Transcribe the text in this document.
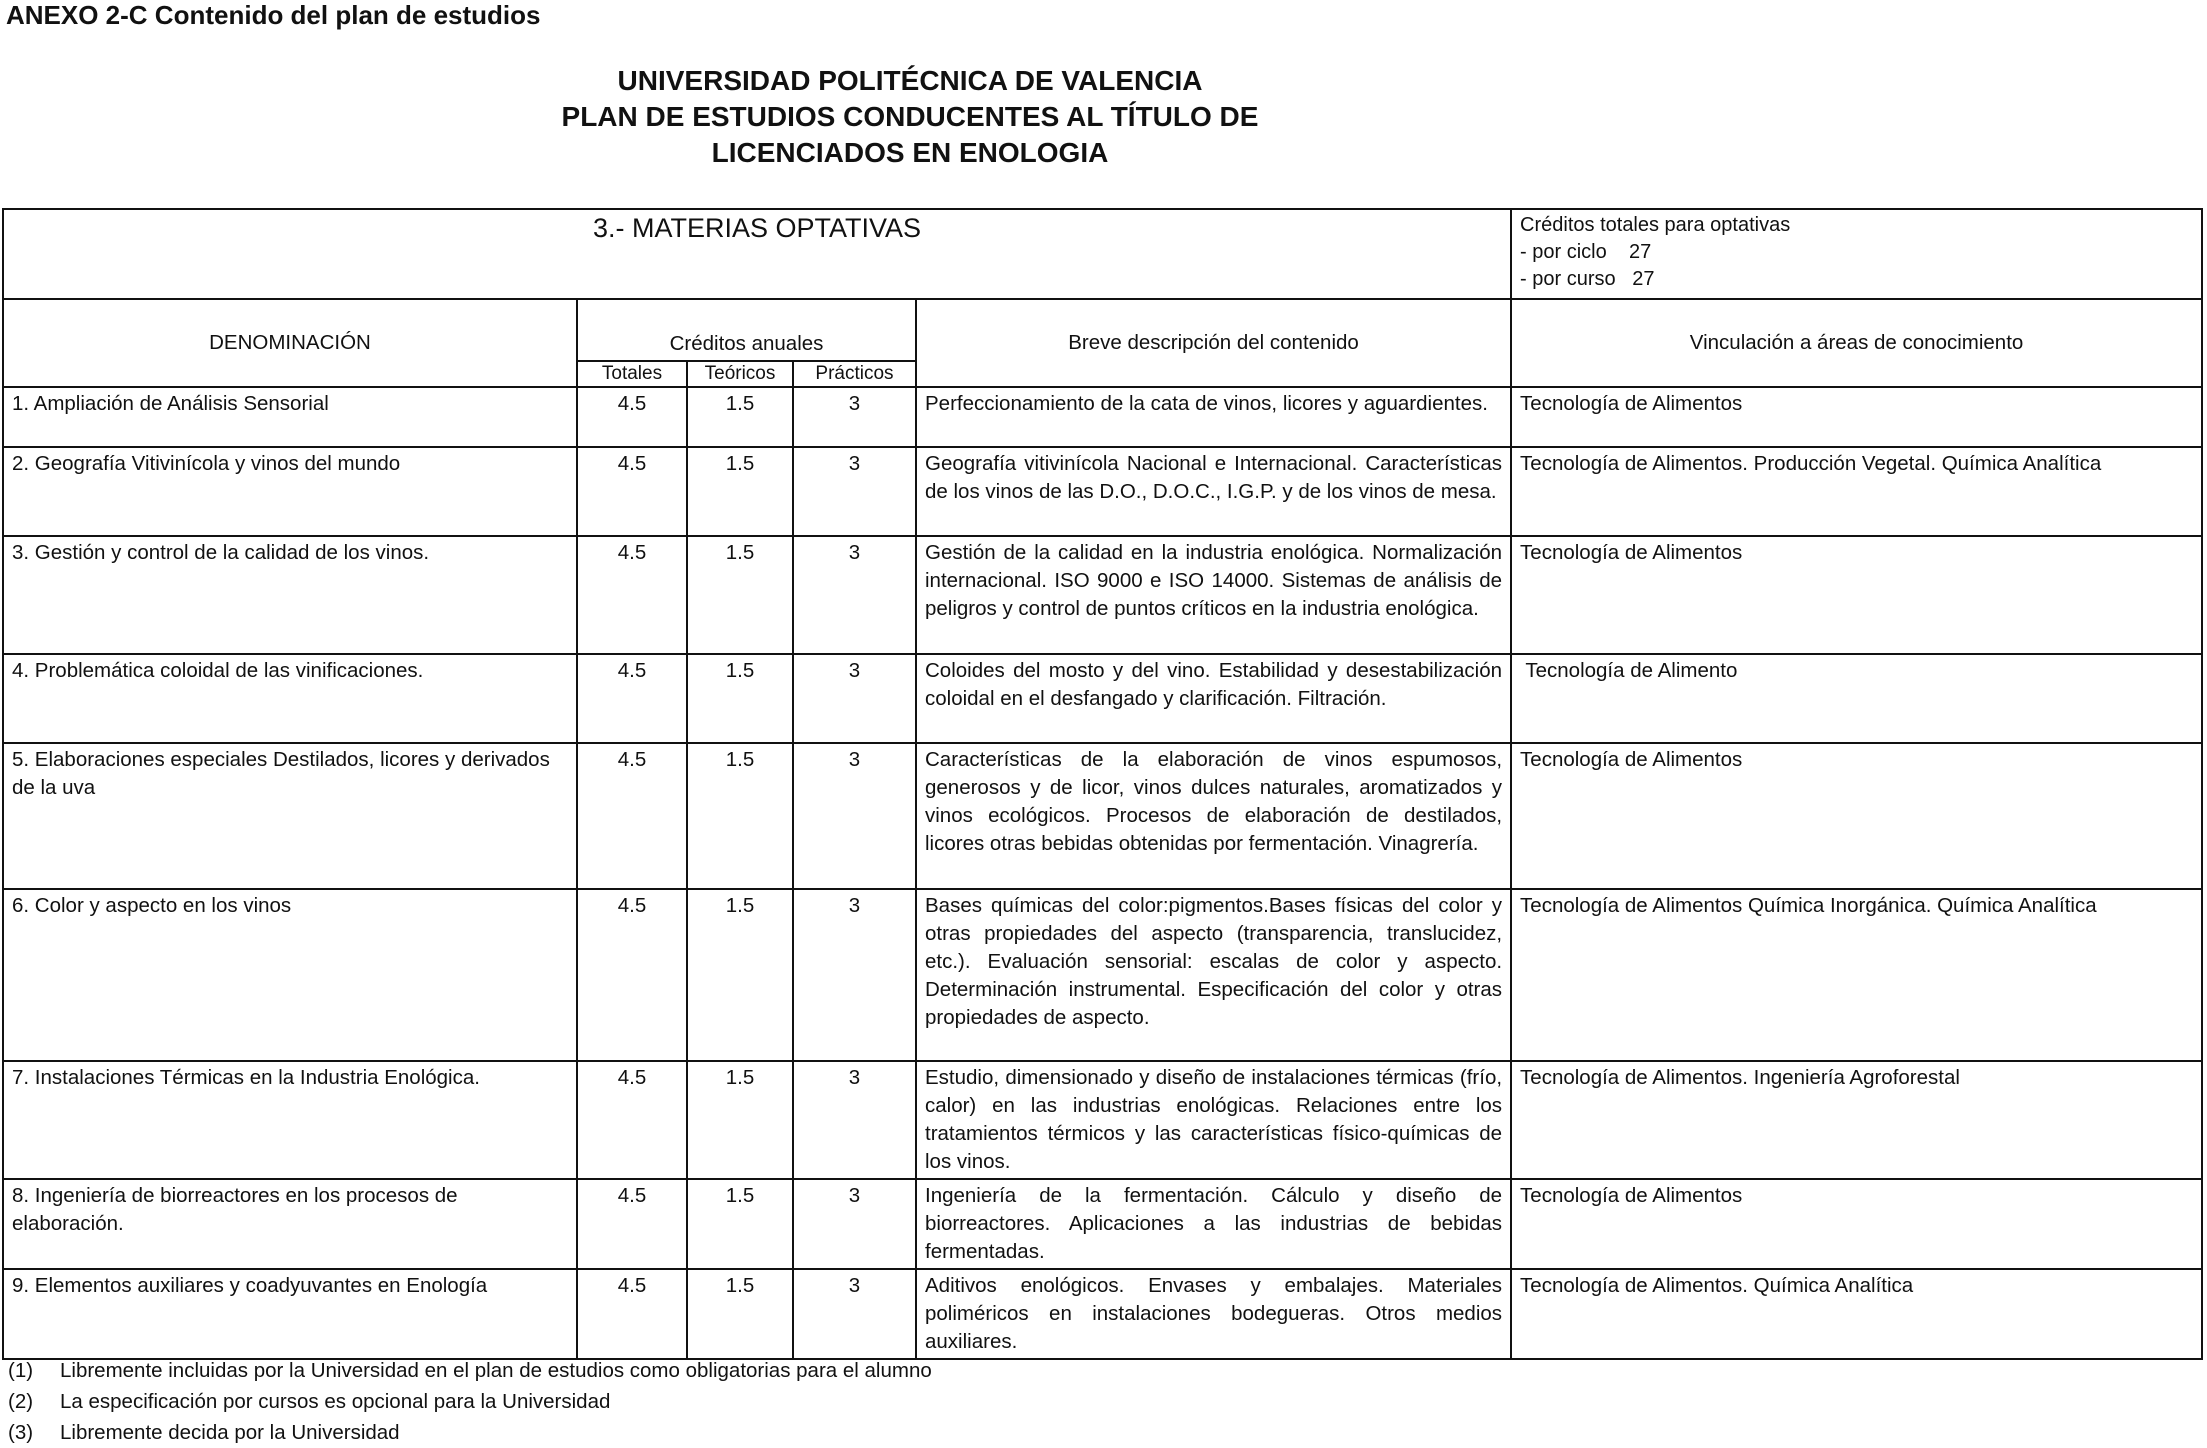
ANEXO 2-C Contenido del plan de estudios
UNIVERSIDAD POLITÉCNICA DE VALENCIA
PLAN DE ESTUDIOS CONDUCENTES AL TÍTULO DE
LICENCIADOS EN ENOLOGIA
3.- MATERIAS OPTATIVAS					Créditos totales para optativas
- por ciclo    27
- por curso   27

DENOMINACIÓN	Créditos anuales			Breve descripción del contenido	Vinculación a áreas de conocimiento
	Totales	Teóricos	Prácticos		
1. Ampliación de Análisis Sensorial	4.5	1.5	3	Perfeccionamiento de la cata de vinos, licores y aguardientes.	Tecnología de Alimentos
2. Geografía Vitivinícola y vinos del mundo	4.5	1.5	3	Geografía vitivinícola Nacional e Internacional. Características de los vinos de las D.O., D.O.C., I.G.P. y de los vinos de mesa.	Tecnología de Alimentos. Producción Vegetal. Química Analítica
3. Gestión y control de la calidad de los vinos.	4.5	1.5	3	Gestión de la calidad en la industria enológica. Normalización internacional. ISO 9000 e ISO 14000. Sistemas de análisis de peligros y control de puntos críticos en la industria enológica.	Tecnología de Alimentos
4. Problemática coloidal de las vinificaciones.	4.5	1.5	3	Coloides del mosto y del vino. Estabilidad y desestabilización coloidal en el desfangado y clarificación. Filtración.	Tecnología de Alimento
5. Elaboraciones especiales Destilados, licores y derivados de la uva	4.5	1.5	3	Características de la elaboración de vinos espumosos, generosos y de licor, vinos dulces naturales, aromatizados y vinos ecológicos. Procesos de elaboración de destilados, licores otras bebidas obtenidas por fermentación. Vinagrería.	Tecnología de Alimentos
6. Color y aspecto en los vinos	4.5	1.5	3	Bases químicas del color:pigmentos.Bases físicas del color y otras propiedades del aspecto (transparencia, translucidez, etc.). Evaluación sensorial: escalas de color y aspecto. Determinación instrumental. Especificación del color y otras propiedades de aspecto.	Tecnología de Alimentos Química Inorgánica. Química Analítica
7. Instalaciones Térmicas en la Industria Enológica.	4.5	1.5	3	Estudio, dimensionado y diseño de instalaciones térmicas (frío, calor) en las industrias enológicas. Relaciones entre los tratamientos térmicos y las características físico-químicas de los vinos.	Tecnología de Alimentos. Ingeniería Agroforestal
8. Ingeniería de biorreactores en los procesos de elaboración.	4.5	1.5	3	Ingeniería de la fermentación. Cálculo y diseño de biorreactores. Aplicaciones a las industrias de bebidas fermentadas.	Tecnología de Alimentos
9. Elementos auxiliares y coadyuvantes en Enología	4.5	1.5	3	Aditivos enológicos. Envases y embalajes. Materiales poliméricos en instalaciones bodegueras. Otros medios auxiliares.	Tecnología de Alimentos. Química Analítica
(1) Libremente incluidas por la Universidad en el plan de estudios como obligatorias para el alumno
(2) La especificación por cursos es opcional para la Universidad
(3) Libremente decida por la Universidad
